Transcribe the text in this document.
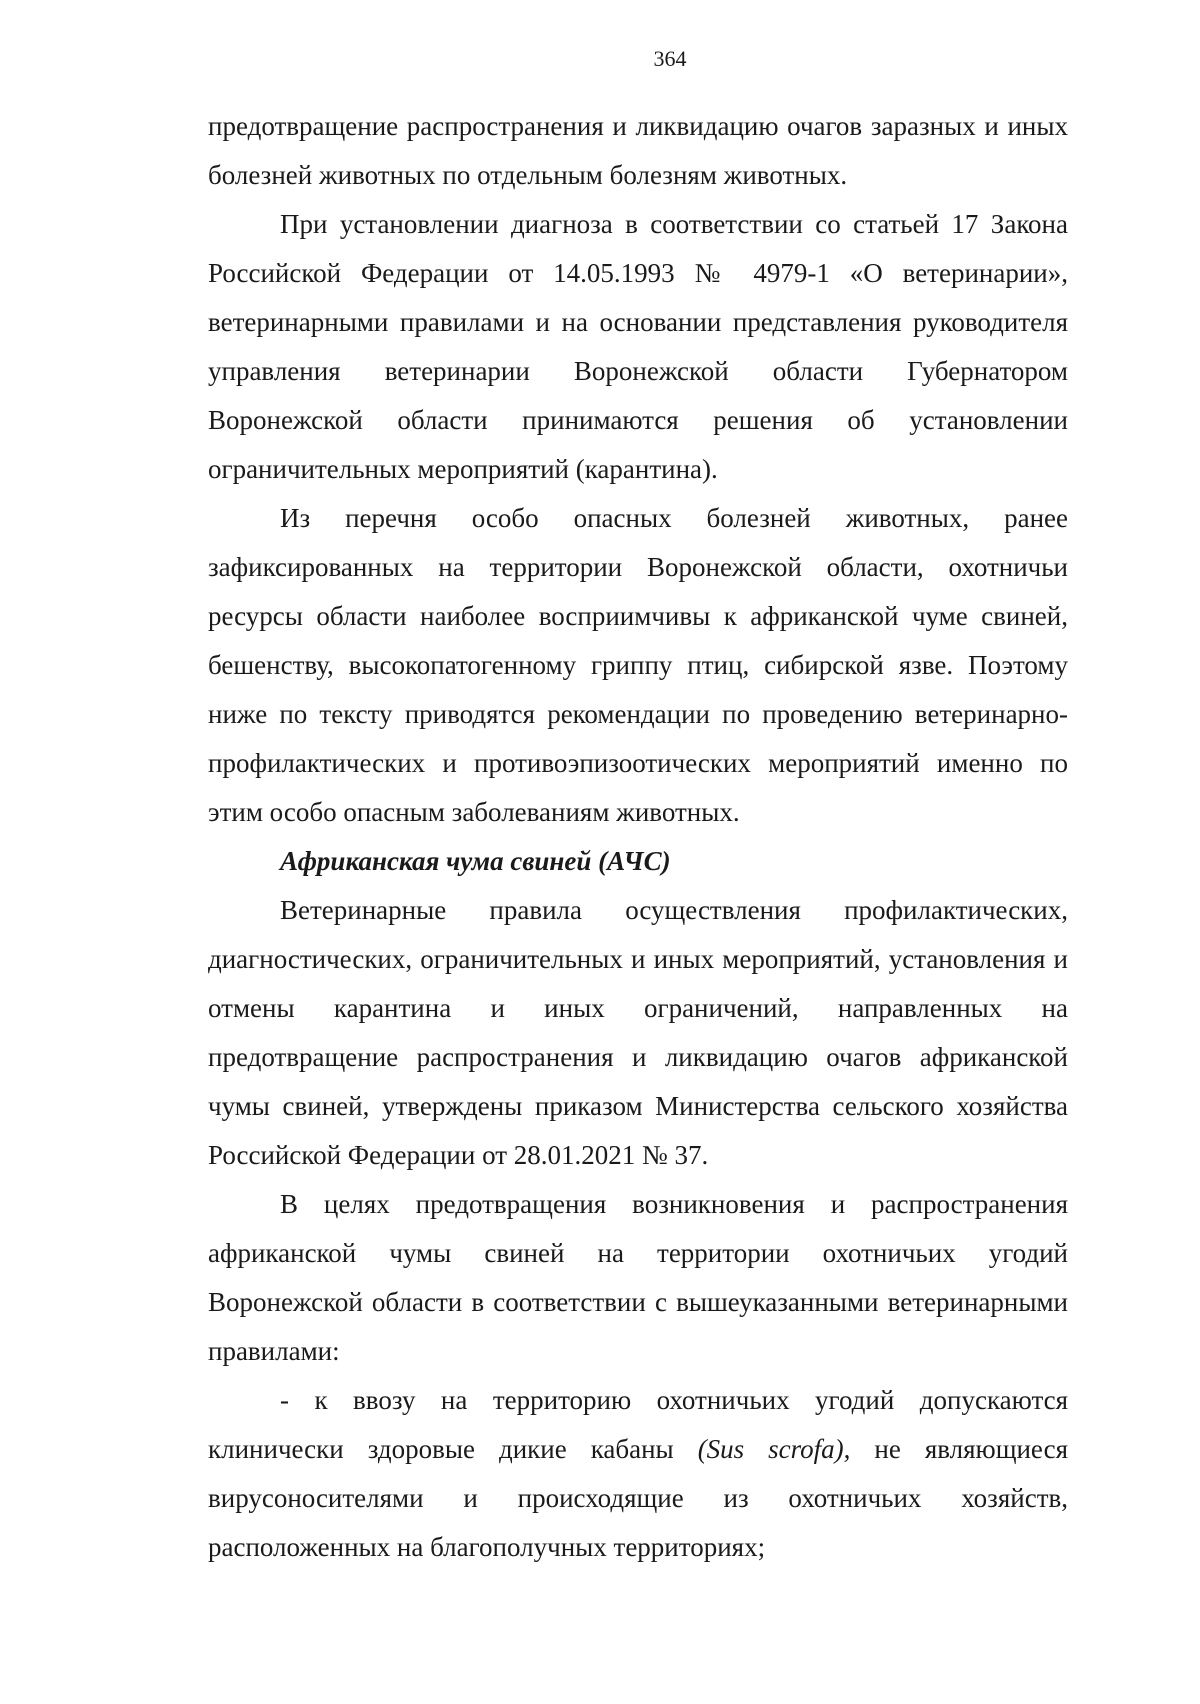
364

предотвращение распространения и ликвидацию очагов заразных и иных болезней животных по отдельным болезням животных.

При установлении диагноза в соответствии со статьей 17 Закона Российской Федерации от 14.05.1993 № 4979-1 «О ветеринарии», ветеринарными правилами и на основании представления руководителя управления ветеринарии Воронежской области Губернатором Воронежской области принимаются решения об установлении ограничительных мероприятий (карантина).

Из перечня особо опасных болезней животных, ранее зафиксированных на территории Воронежской области, охотничьи ресурсы области наиболее восприимчивы к африканской чуме свиней, бешенству, высокопатогенному гриппу птиц, сибирской язве. Поэтому ниже по тексту приводятся рекомендации по проведению ветеринарно-профилактических и противоэпизоотических мероприятий именно по этим особо опасным заболеваниям животных.

Африканская чума свиней (АЧС)

Ветеринарные правила осуществления профилактических, диагностических, ограничительных и иных мероприятий, установления и отмены карантина и иных ограничений, направленных на предотвращение распространения и ликвидацию очагов африканской чумы свиней, утверждены приказом Министерства сельского хозяйства Российской Федерации от 28.01.2021 № 37.

В целях предотвращения возникновения и распространения африканской чумы свиней на территории охотничьих угодий Воронежской области в соответствии с вышеуказанными ветеринарными правилами:

- к ввозу на территорию охотничьих угодий допускаются клинически здоровые дикие кабаны (Sus scrofa), не являющиеся вирусоносителями и происходящие из охотничьих хозяйств, расположенных на благополучных территориях;
